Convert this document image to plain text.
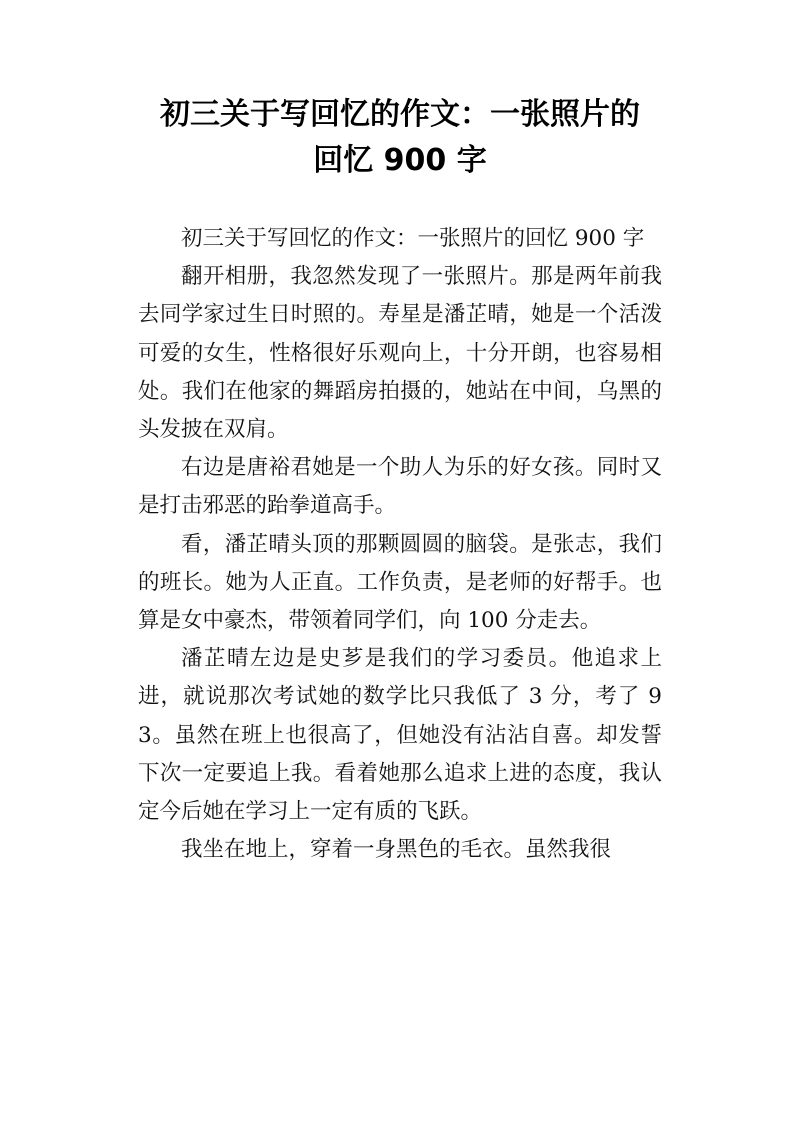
初三关于写回忆的作文：一张照片的
回忆 900 字

初三关于写回忆的作文：一张照片的回忆 900 字

翻开相册，我忽然发现了一张照片。那是两年前我去同学家过生日时照的。寿星是潘芷晴，她是一个活泼可爱的女生，性格很好乐观向上，十分开朗，也容易相处。我们在他家的舞蹈房拍摄的，她站在中间，乌黑的头发披在双肩。

右边是唐裕君她是一个助人为乐的好女孩。同时又是打击邪恶的跆拳道高手。

看，潘芷晴头顶的那颗圆圆的脑袋。是张志，我们的班长。她为人正直。工作负责，是老师的好帮手。也算是女中豪杰，带领着同学们，向 100 分走去。

潘芷晴左边是史芗是我们的学习委员。他追求上进，就说那次考试她的数学比只我低了 3 分，考了 93。虽然在班上也很高了，但她没有沾沾自喜。却发誓下次一定要追上我。看着她那么追求上进的态度，我认定今后她在学习上一定有质的飞跃。

我坐在地上，穿着一身黑色的毛衣。虽然我很
